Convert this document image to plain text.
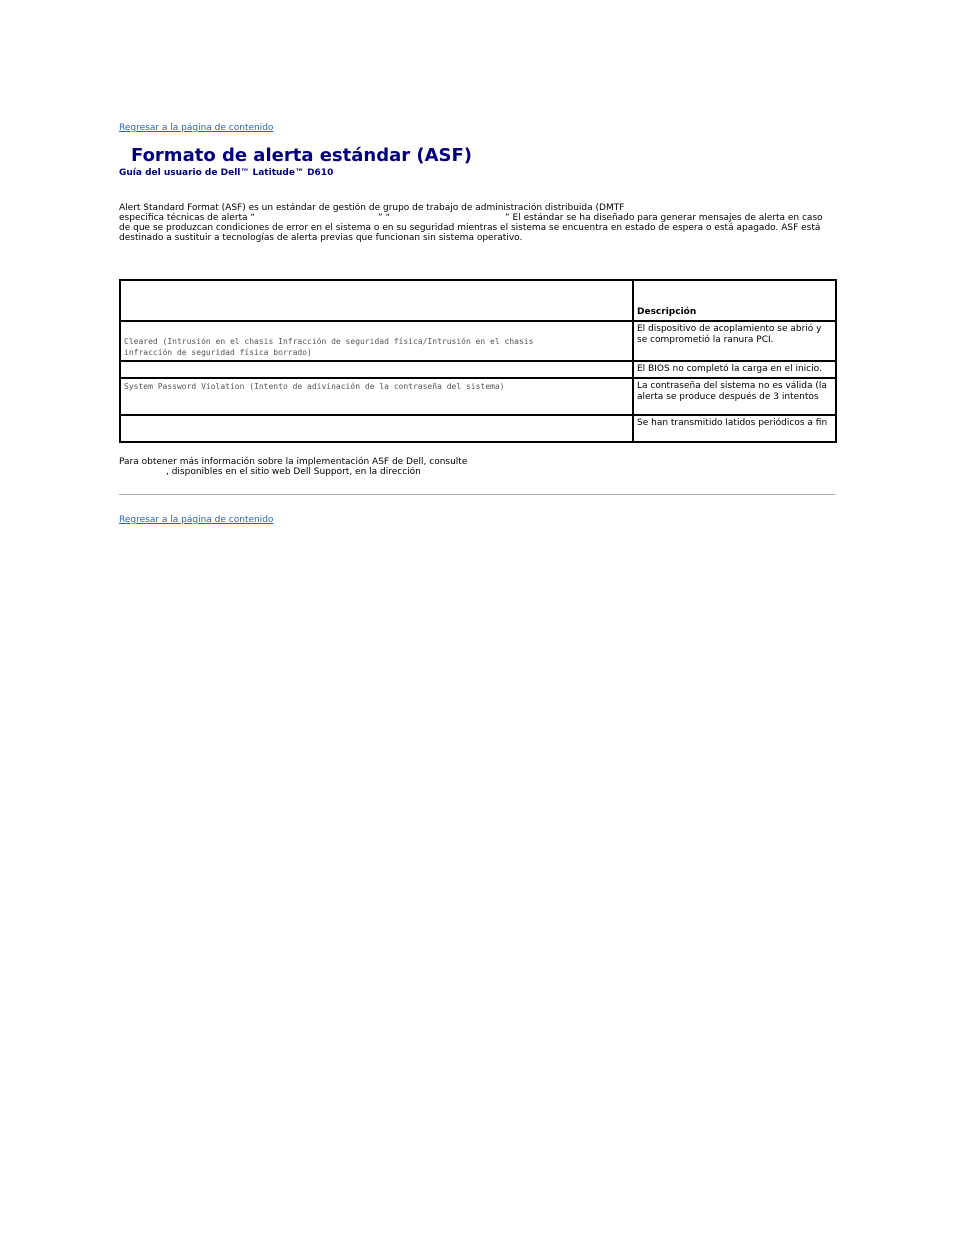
Regresar a la página de contenido
Formato de alerta estándar (ASF)
Guía del usuario de Dell™ Latitude™ D610
Alert Standard Format (ASF) es un estándar de gestión de grupo de trabajo de administración distribuida (DMTF
especifica técnicas de alerta “	” “	” El estándar se ha diseñado para generar mensajes de alerta en caso
de que se produzcan condiciones de error en el sistema o en su seguridad mientras el sistema se encuentra en estado de espera o está apagado. ASF está
destinado a sustituir a tecnologías de alerta previas que funcionan sin sistema operativo.
	Descripción

Cleared (Intrusión en el chasis Infracción de seguridad física/Intrusión en el chasis
infracción de seguridad física borrado)	El dispositivo de acoplamiento se abrió y se comprometió la ranura PCI.
	El BIOS no completó la carga en el inicio.

System Password Violation (Intento de adivinación de la contraseña del sistema)	La contraseña del sistema no es válida (la alerta se produce después de 3 intentos
	Se han transmitido latidos periódicos a fin
Para obtener más información sobre la implementación ASF de Dell, consulte
, disponibles en el sitio web Dell Support, en la dirección
Regresar a la página de contenido
